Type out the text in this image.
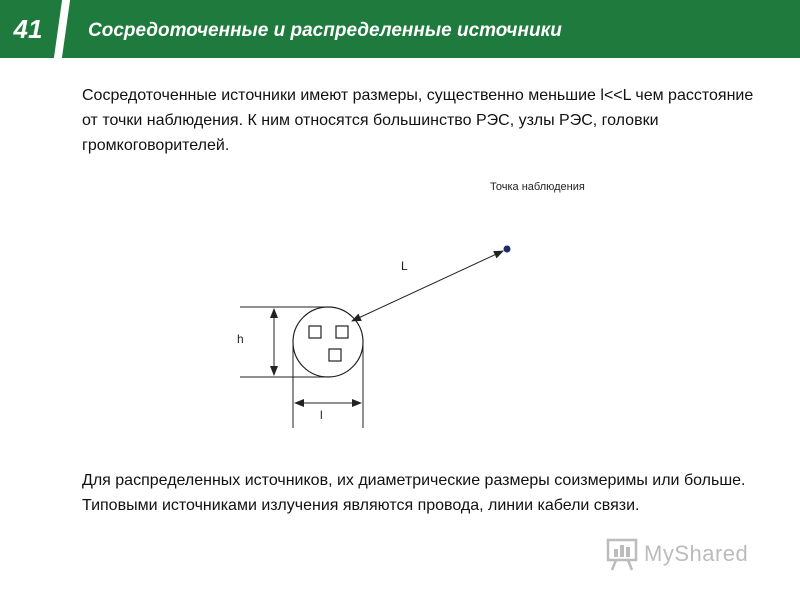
41	Сосредоточенные и распределенные источники
Сосредоточенные источники имеют размеры, существенно меньшие l<<L чем расстояние от точки наблюдения. К ним относятся большинство РЭС, узлы РЭС, головки громкоговорителей.
h
l
L
Точка наблюдения
Для распределенных источников, их диаметрические размеры соизмеримы или больше. Типовыми источниками излучения являются провода, линии кабели связи.
MyShared
